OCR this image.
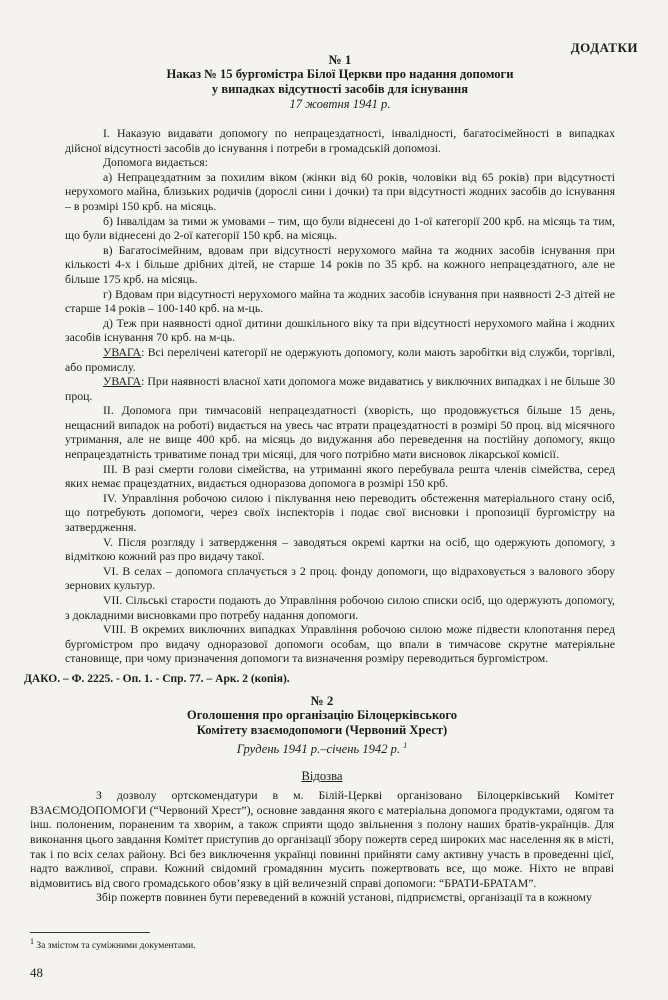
ДОДАТКИ
№ 1
Наказ № 15 бургомістра Білої Церкви про надання допомоги
у випадках відсутності засобів для існування
17 жовтня 1941 р.

І. Наказую видавати допомогу по непрацездатності, інвалідності, багатосімейності в випадках дійсної відсутності засобів до існування і потреби в громадській допомозі.

Допомога видається:

а) Непрацездатним за похилим віком (жінки від 60 років, чоловіки від 65 років) при відсутності нерухомого майна, близьких родичів (дорослі сини і дочки) та при відсутності жодних засобів до існування – в розмірі 150 крб. на місяць.

б) Інвалідам за тими ж умовами – тим, що були віднесені до 1-ої категорії 200 крб. на місяць та тим, що були віднесені до 2-ої категорії 150 крб. на місяць.

в) Багатосімейним, вдовам при відсутності нерухомого майна та жодних засобів існування при кількості 4-х і більше дрібних дітей, не старше 14 років по 35 крб. на кожного непрацездатного, але не більше 175 крб. на місяць.

г) Вдовам при відсутності нерухомого майна та жодних засобів існування при наявності 2-3 дітей не старше 14 років – 100-140 крб. на м-ць.

д) Теж при наявності одної дитини дошкільного віку та при відсутності нерухомого майна і жодних засобів існування 70 крб. на м-ць.

УВАГА: Всі перелічені категорії не одержують допомогу, коли мають заробітки від служби, торгівлі, або промислу.

УВАГА: При наявності власної хати допомога може видаватись у виключних випадках і не більше 30 проц.

II. Допомога при тимчасовій непрацездатності (хворість, що продовжується більше 15 день, нещасний випадок на роботі) видається на увесь час втрати працездатності в розмірі 50 проц. від місячного утримання, але не вище 400 крб. на місяць до видужання або переведення на постійну допомогу, якщо непрацездатність триватиме понад три місяці, для чого потрібно мати висновок лікарської комісії.

III. В разі смерти голови сімейства, на утриманні якого перебувала решта членів сімейства, серед яких немає працездатних, видається одноразова допомога в розмірі 150 крб.

IV. Управління робочою силою і піклування нею переводить обстеження матеріального стану осіб, що потребують допомоги, через своїх інспекторів і подає свої висновки і пропозиції бургомістру на затвердження.

V. Після розгляду і затвердження – заводяться окремі картки на осіб, що одержують допомогу, з відміткою кожний раз про видачу такої.

VI. В селах – допомога сплачується з 2 проц. фонду допомоги, що відраховується з валового збору зернових культур.

VII. Сільські старости подають до Управління робочою силою списки осіб, що одержують допомогу, з докладними висновками про потребу надання допомоги.

VIII. В окремих виключних випадках Управління робочою силою може підвести клопотання перед бургомістром про видачу одноразової допомоги особам, що впали в тимчасове скрутне матеріяльне становище, при чому призначення допомоги та визначення розміру переводиться бургомістром.

ДАКО. – Ф. 2225. - Оп. 1. - Спр. 77. – Арк. 2 (копія).
№ 2
Оголошення про організацію Білоцерківського
Комітету взаємодопомоги (Червоний Хрест)
Грудень 1941 р.–січень 1942 р. $^1$
Відозва

З дозволу ортскомендатури в м. Білій-Церкві організовано Білоцерківський Комітет ВЗАЄМОДОПОМОГИ (“Червоний Хрест”), основне завдання якого є матеріальна допомога продуктами, одягом та інш. полоненим, пораненим та хворим, а також сприяти щодо звільнення з полону наших братів-українців. Для виконання цього завдання Комітет приступив до організації збору пожертв серед широких мас населення як в місті, так і по всіх селах району. Всі без виключення українці повинні прийняти саму активну участь в проведенні цієї, надто важливої, справи. Кожний свідомий громадянин мусить пожертвовать все, що може. Ніхто не вправі відмовитись від свого громадського обов’язку в цій величезній справі допомоги: “БРАТИ-БРАТАМ”.

Збір пожертв повинен бути переведений в кожній установі, підприємстві, організації та в кожному

$^1$ За змістом та суміжними документами.
48
